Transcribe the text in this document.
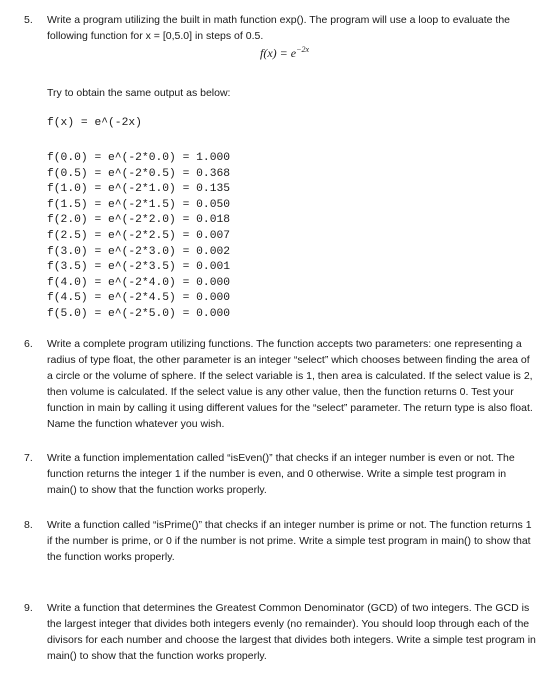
5.	Write a program utilizing the built in math function exp(). The program will use a loop to evaluate the following function for x = [0,5.0] in steps of 0.5.
$f(x) = e^{-2x}$
Try to obtain the same output as below:
f(x) = e^(-2x)
f(0.0) = e^(-2*0.0) = 1.000
f(0.5) = e^(-2*0.5) = 0.368
f(1.0) = e^(-2*1.0) = 0.135
f(1.5) = e^(-2*1.5) = 0.050
f(2.0) = e^(-2*2.0) = 0.018
f(2.5) = e^(-2*2.5) = 0.007
f(3.0) = e^(-2*3.0) = 0.002
f(3.5) = e^(-2*3.5) = 0.001
f(4.0) = e^(-2*4.0) = 0.000
f(4.5) = e^(-2*4.5) = 0.000
f(5.0) = e^(-2*5.0) = 0.000
6.	Write a complete program utilizing functions. The function accepts two parameters: one representing a radius of type float, the other parameter is an integer “select” which chooses between finding the area of a circle or the volume of sphere. If the select variable is 1, then area is calculated. If the select value is 2, then volume is calculated. If the select value is any other value, then the function returns 0. Test your function in main by calling it using different values for the “select” parameter. The return type is also float. Name the function whatever you wish.
7.	Write a function implementation called “isEven()” that checks if an integer number is even or not. The function returns the integer 1 if the number is even, and 0 otherwise. Write a simple test program in main() to show that the function works properly.
8.	Write a function called “isPrime()” that checks if an integer number is prime or not. The function returns 1 if the number is prime, or 0 if the number is not prime. Write a simple test program in main() to show that the function works properly.
9.	Write a function that determines the Greatest Common Denominator (GCD) of two integers. The GCD is the largest integer that divides both integers evenly (no remainder). You should loop through each of the divisors for each number and choose the largest that divides both integers. Write a simple test program in main() to show that the function works properly.
